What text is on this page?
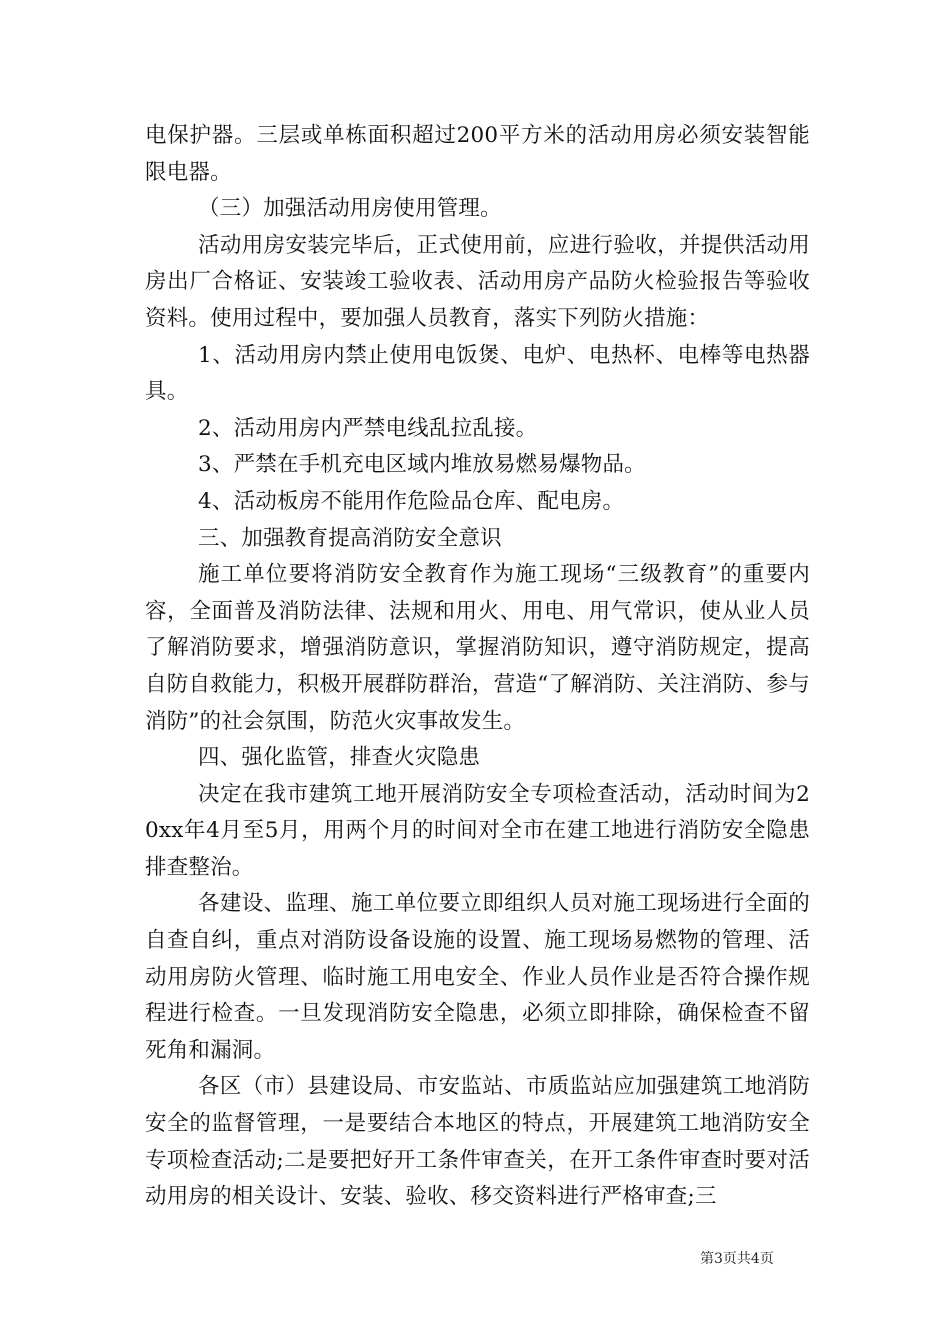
电保护器。三层或单栋面积超过200平方米的活动用房必须安装智能限电器。

（三）加强活动用房使用管理。

活动用房安装完毕后，正式使用前，应进行验收，并提供活动用房出厂合格证、安装竣工验收表、活动用房产品防火检验报告等验收资料。使用过程中，要加强人员教育，落实下列防火措施：

1、活动用房内禁止使用电饭煲、电炉、电热杯、电棒等电热器具。

2、活动用房内严禁电线乱拉乱接。

3、严禁在手机充电区域内堆放易燃易爆物品。

4、活动板房不能用作危险品仓库、配电房。

三、加强教育提高消防安全意识

施工单位要将消防安全教育作为施工现场“三级教育”的重要内容，全面普及消防法律、法规和用火、用电、用气常识，使从业人员了解消防要求，增强消防意识，掌握消防知识，遵守消防规定，提高自防自救能力，积极开展群防群治，营造“了解消防、关注消防、参与消防”的社会氛围，防范火灾事故发生。

四、强化监管，排查火灾隐患

决定在我市建筑工地开展消防安全专项检查活动，活动时间为20xx年4月至5月，用两个月的时间对全市在建工地进行消防安全隐患排查整治。

各建设、监理、施工单位要立即组织人员对施工现场进行全面的自查自纠，重点对消防设备设施的设置、施工现场易燃物的管理、活动用房防火管理、临时施工用电安全、作业人员作业是否符合操作规程进行检查。一旦发现消防安全隐患，必须立即排除，确保检查不留死角和漏洞。

各区（市）县建设局、市安监站、市质监站应加强建筑工地消防安全的监督管理，一是要结合本地区的特点，开展建筑工地消防安全专项检查活动;二是要把好开工条件审查关，在开工条件审查时要对活动用房的相关设计、安装、验收、移交资料进行严格审查;三

第3页共4页
